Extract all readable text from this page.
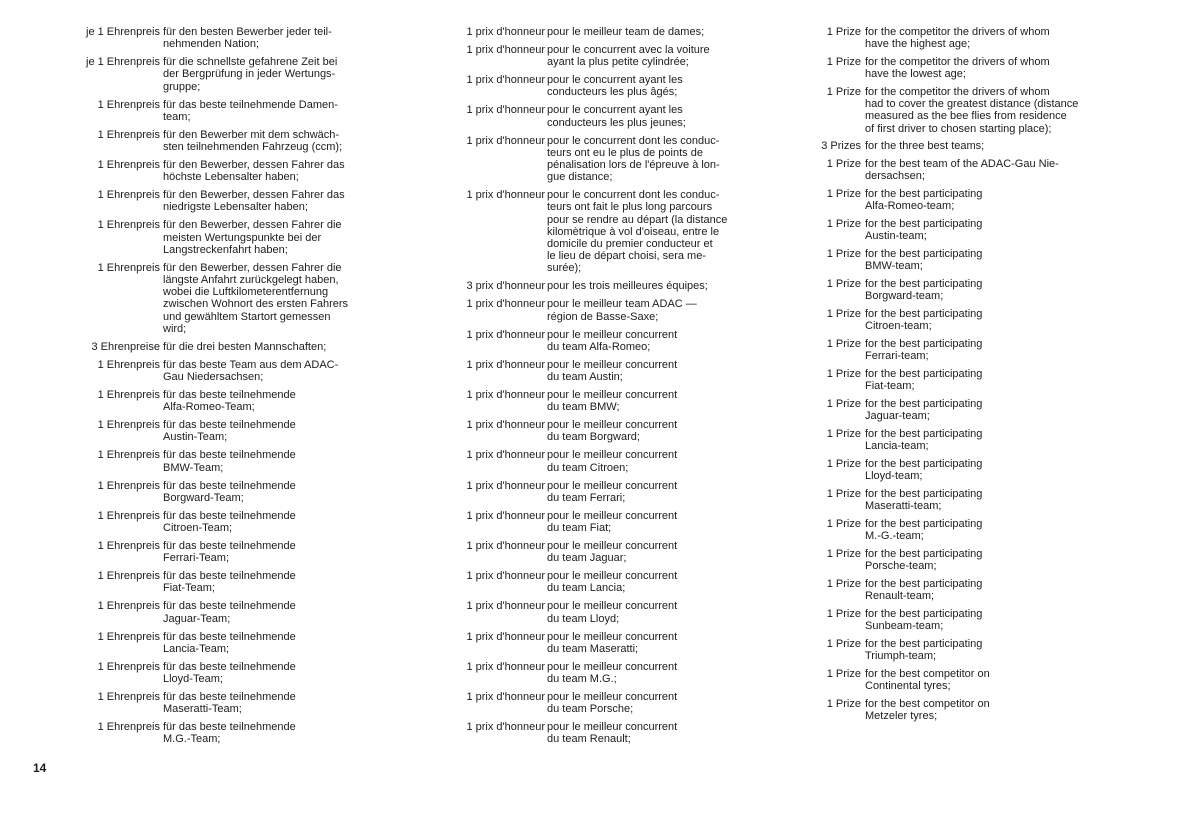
je 1 Ehrenpreis für den besten Bewerber jeder teil-
nehmenden Nation;
je 1 Ehrenpreis für die schnellste gefahrene Zeit bei
der Bergprüfung in jeder Wertungs-
gruppe;
1 Ehrenpreis für das beste teilnehmende Damen-
team;
1 Ehrenpreis für den Bewerber mit dem schwäch-
sten teilnehmenden Fahrzeug (ccm);
1 Ehrenpreis für den Bewerber, dessen Fahrer das
höchste Lebensalter haben;
1 Ehrenpreis für den Bewerber, dessen Fahrer das
niedrigste Lebensalter haben;
1 Ehrenpreis für den Bewerber, dessen Fahrer die
meisten Wertungspunkte bei der
Langstreckenfahrt haben;
1 Ehrenpreis für den Bewerber, dessen Fahrer die
längste Anfahrt zurückgelegt haben,
wobei die Luftkilometerentfernung
zwischen Wohnort des ersten Fahrers
und gewähltem Startort gemessen
wird;
3 Ehrenpreise für die drei besten Mannschaften;
1 Ehrenpreis für das beste Team aus dem ADAC-
Gau Niedersachsen;
1 Ehrenpreis für das beste teilnehmende
Alfa-Romeo-Team;
1 Ehrenpreis für das beste teilnehmende
Austin-Team;
1 Ehrenpreis für das beste teilnehmende
BMW-Team;
1 Ehrenpreis für das beste teilnehmende
Borgward-Team;
1 Ehrenpreis für das beste teilnehmende
Citroen-Team;
1 Ehrenpreis für das beste teilnehmende
Ferrari-Team;
1 Ehrenpreis für das beste teilnehmende
Fiat-Team;
1 Ehrenpreis für das beste teilnehmende
Jaguar-Team;
1 Ehrenpreis für das beste teilnehmende
Lancia-Team;
1 Ehrenpreis für das beste teilnehmende
Lloyd-Team;
1 Ehrenpreis für das beste teilnehmende
Maseratti-Team;
1 Ehrenpreis für das beste teilnehmende
M.G.-Team;
1 prix d'honneur pour le meilleur team de dames;
1 prix d'honneur pour le concurrent avec la voiture
ayant la plus petite cylindrée;
1 prix d'honneur pour le concurrent ayant les
conducteurs les plus âgés;
1 prix d'honneur pour le concurrent ayant les
conducteurs les plus jeunes;
1 prix d'honneur pour le concurrent dont les conduc-
teurs ont eu le plus de points de
pénalisation lors de l'épreuve à lon-
gue distance;
1 prix d'honneur pour le concurrent dont les conduc-
teurs ont fait le plus long parcours
pour se rendre au départ (la distance
kilomètrique à vol d'oiseau, entre le
domicile du premier conducteur et
le lieu de départ choisi, sera me-
surée);
3 prix d'honneur pour les trois meilleures équipes;
1 prix d'honneur pour le meilleur team ADAC —
région de Basse-Saxe;
1 prix d'honneur pour le meilleur concurrent
du team Alfa-Romeo;
1 prix d'honneur pour le meilleur concurrent
du team Austin;
1 prix d'honneur pour le meilleur concurrent
du team BMW;
1 prix d'honneur pour le meilleur concurrent
du team Borgward;
1 prix d'honneur pour le meilleur concurrent
du team Citroen;
1 prix d'honneur pour le meilleur concurrent
du team Ferrari;
1 prix d'honneur pour le meilleur concurrent
du team Fiat;
1 prix d'honneur pour le meilleur concurrent
du team Jaguar;
1 prix d'honneur pour le meilleur concurrent
du team Lancia;
1 prix d'honneur pour le meilleur concurrent
du team Lloyd;
1 prix d'honneur pour le meilleur concurrent
du team Maseratti;
1 prix d'honneur pour le meilleur concurrent
du team M.G.;
1 prix d'honneur pour le meilleur concurrent
du team Porsche;
1 prix d'honneur pour le meilleur concurrent
du team Renault;
1 Prize for the competitor the drivers of whom
have the highest age;
1 Prize for the competitor the drivers of whom
have the lowest age;
1 Prize for the competitor the drivers of whom
had to cover the greatest distance (distance
measured as the bee flies from residence
of first driver to chosen starting place);
3 Prizes for the three best teams;
1 Prize for the best team of the ADAC-Gau Nie-
dersachsen;
1 Prize for the best participating
Alfa-Romeo-team;
1 Prize for the best participating
Austin-team;
1 Prize for the best participating
BMW-team;
1 Prize for the best participating
Borgward-team;
1 Prize for the best participating
Citroen-team;
1 Prize for the best participating
Ferrari-team;
1 Prize for the best participating
Fiat-team;
1 Prize for the best participating
Jaguar-team;
1 Prize for the best participating
Lancia-team;
1 Prize for the best participating
Lloyd-team;
1 Prize for the best participating
Maseratti-team;
1 Prize for the best participating
M.-G.-team;
1 Prize for the best participating
Porsche-team;
1 Prize for the best participating
Renault-team;
1 Prize for the best participating
Sunbeam-team;
1 Prize for the best participating
Triumph-team;
1 Prize for the best competitor on
Continental tyres;
1 Prize for the best competitor on
Metzeler tyres;
14
